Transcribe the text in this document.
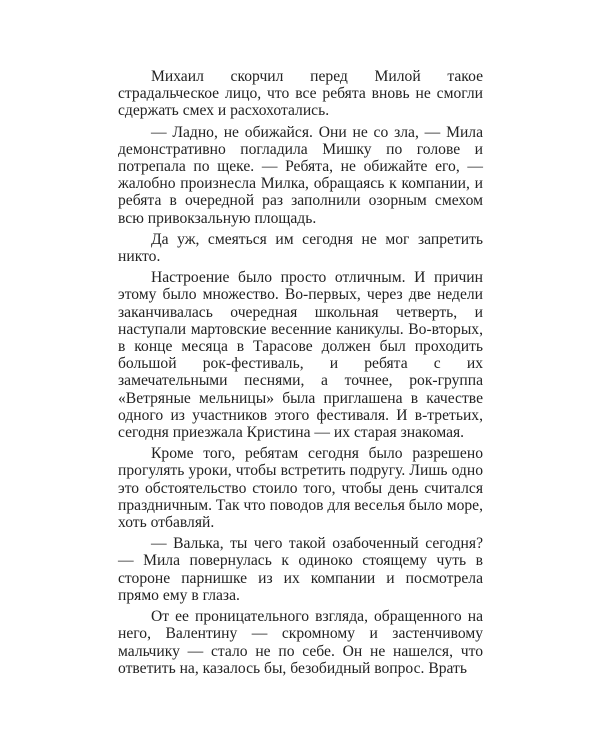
Михаил скорчил перед Милой такое страдальческое лицо, что все ребята вновь не смогли сдержать смех и расхохотались.

— Ладно, не обижайся. Они не со зла, — Мила демонстративно погладила Мишку по голове и потрепала по щеке. — Ребята, не обижайте его, — жалобно произнесла Милка, обращаясь к компании, и ребята в очередной раз заполнили озорным смехом всю привокзальную площадь.

Да уж, смеяться им сегодня не мог запретить никто.

Настроение было просто отличным. И причин этому было множество. Во-первых, через две недели заканчивалась очередная школьная четверть, и наступали мартовские весенние каникулы. Во-вторых, в конце месяца в Тарасове должен был проходить большой рок-фестиваль, и ребята с их замечательными песнями, а точнее, рок-группа «Ветряные мельницы» была приглашена в качестве одного из участников этого фестиваля. И в-третьих, сегодня приезжала Кристина — их старая знакомая.

Кроме того, ребятам сегодня было разрешено прогулять уроки, чтобы встретить подругу. Лишь одно это обстоятельство стоило того, чтобы день считался праздничным. Так что поводов для веселья было море, хоть отбавляй.

— Валька, ты чего такой озабоченный сегодня? — Мила повернулась к одиноко стоящему чуть в стороне парнишке из их компании и посмотрела прямо ему в глаза.

От ее проницательного взгляда, обращенного на него, Валентину — скромному и застенчивому мальчику — стало не по себе. Он не нашелся, что ответить на, казалось бы, безобидный вопрос. Врать
